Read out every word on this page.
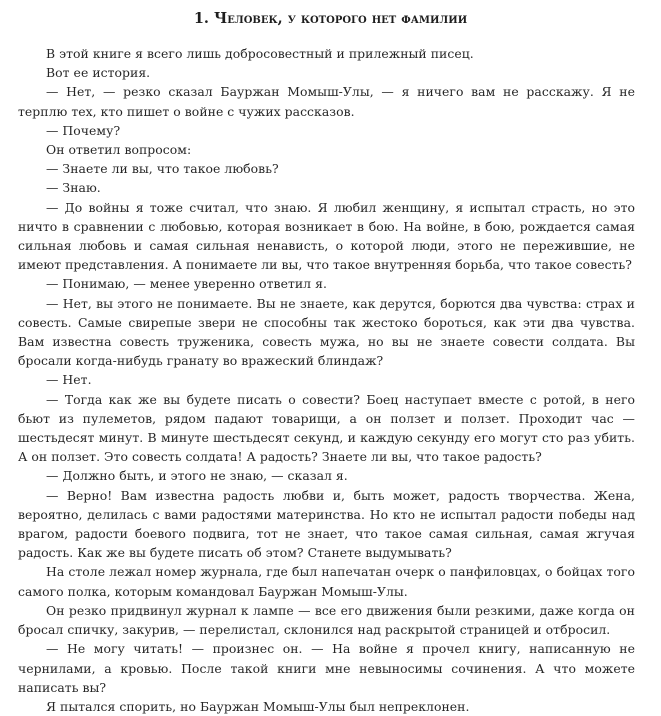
1. Человек, у которого нет фамилии

В этой книге я всего лишь добросовестный и прилежный писец.

Вот ее история.

— Нет, — резко сказал Бауржан Момыш-Улы, — я ничего вам не расскажу. Я не терплю тех, кто пишет о войне с чужих рассказов.

— Почему?

Он ответил вопросом:

— Знаете ли вы, что такое любовь?

— Знаю.

— До войны я тоже считал, что знаю. Я любил женщину, я испытал страсть, но это ничто в сравнении с любовью, которая возникает в бою. На войне, в бою, рождается самая сильная любовь и самая сильная ненависть, о которой люди, этого не пережившие, не имеют представления. А понимаете ли вы, что такое внутренняя борьба, что такое совесть?

— Понимаю, — менее уверенно ответил я.

— Нет, вы этого не понимаете. Вы не знаете, как дерутся, борются два чувства: страх и совесть. Самые свирепые звери не способны так жестоко бороться, как эти два чувства. Вам известна совесть труженика, совесть мужа, но вы не знаете совести солдата. Вы бросали когда-нибудь гранату во вражеский блиндаж?

— Нет.

— Тогда как же вы будете писать о совести? Боец наступает вместе с ротой, в него бьют из пулеметов, рядом падают товарищи, а он ползет и ползет. Проходит час — шестьдесят минут. В минуте шестьдесят секунд, и каждую секунду его могут сто раз убить. А он ползет. Это совесть солдата! А радость? Знаете ли вы, что такое радость?

— Должно быть, и этого не знаю, — сказал я.

— Верно! Вам известна радость любви и, быть может, радость творчества. Жена, вероятно, делилась с вами радостями материнства. Но кто не испытал радости победы над врагом, радости боевого подвига, тот не знает, что такое самая сильная, самая жгучая радость. Как же вы будете писать об этом? Станете выдумывать?

На столе лежал номер журнала, где был напечатан очерк о панфиловцах, о бойцах того самого полка, которым командовал Бауржан Момыш-Улы.

Он резко придвинул журнал к лампе — все его движения были резкими, даже когда он бросал спичку, закурив, — перелистал, склонился над раскрытой страницей и отбросил.

— Не могу читать! — произнес он. — На войне я прочел книгу, написанную не чернилами, а кровью. После такой книги мне невыносимы сочинения. А что можете написать вы?

Я пытался спорить, но Бауржан Момыш-Улы был непреклонен.
